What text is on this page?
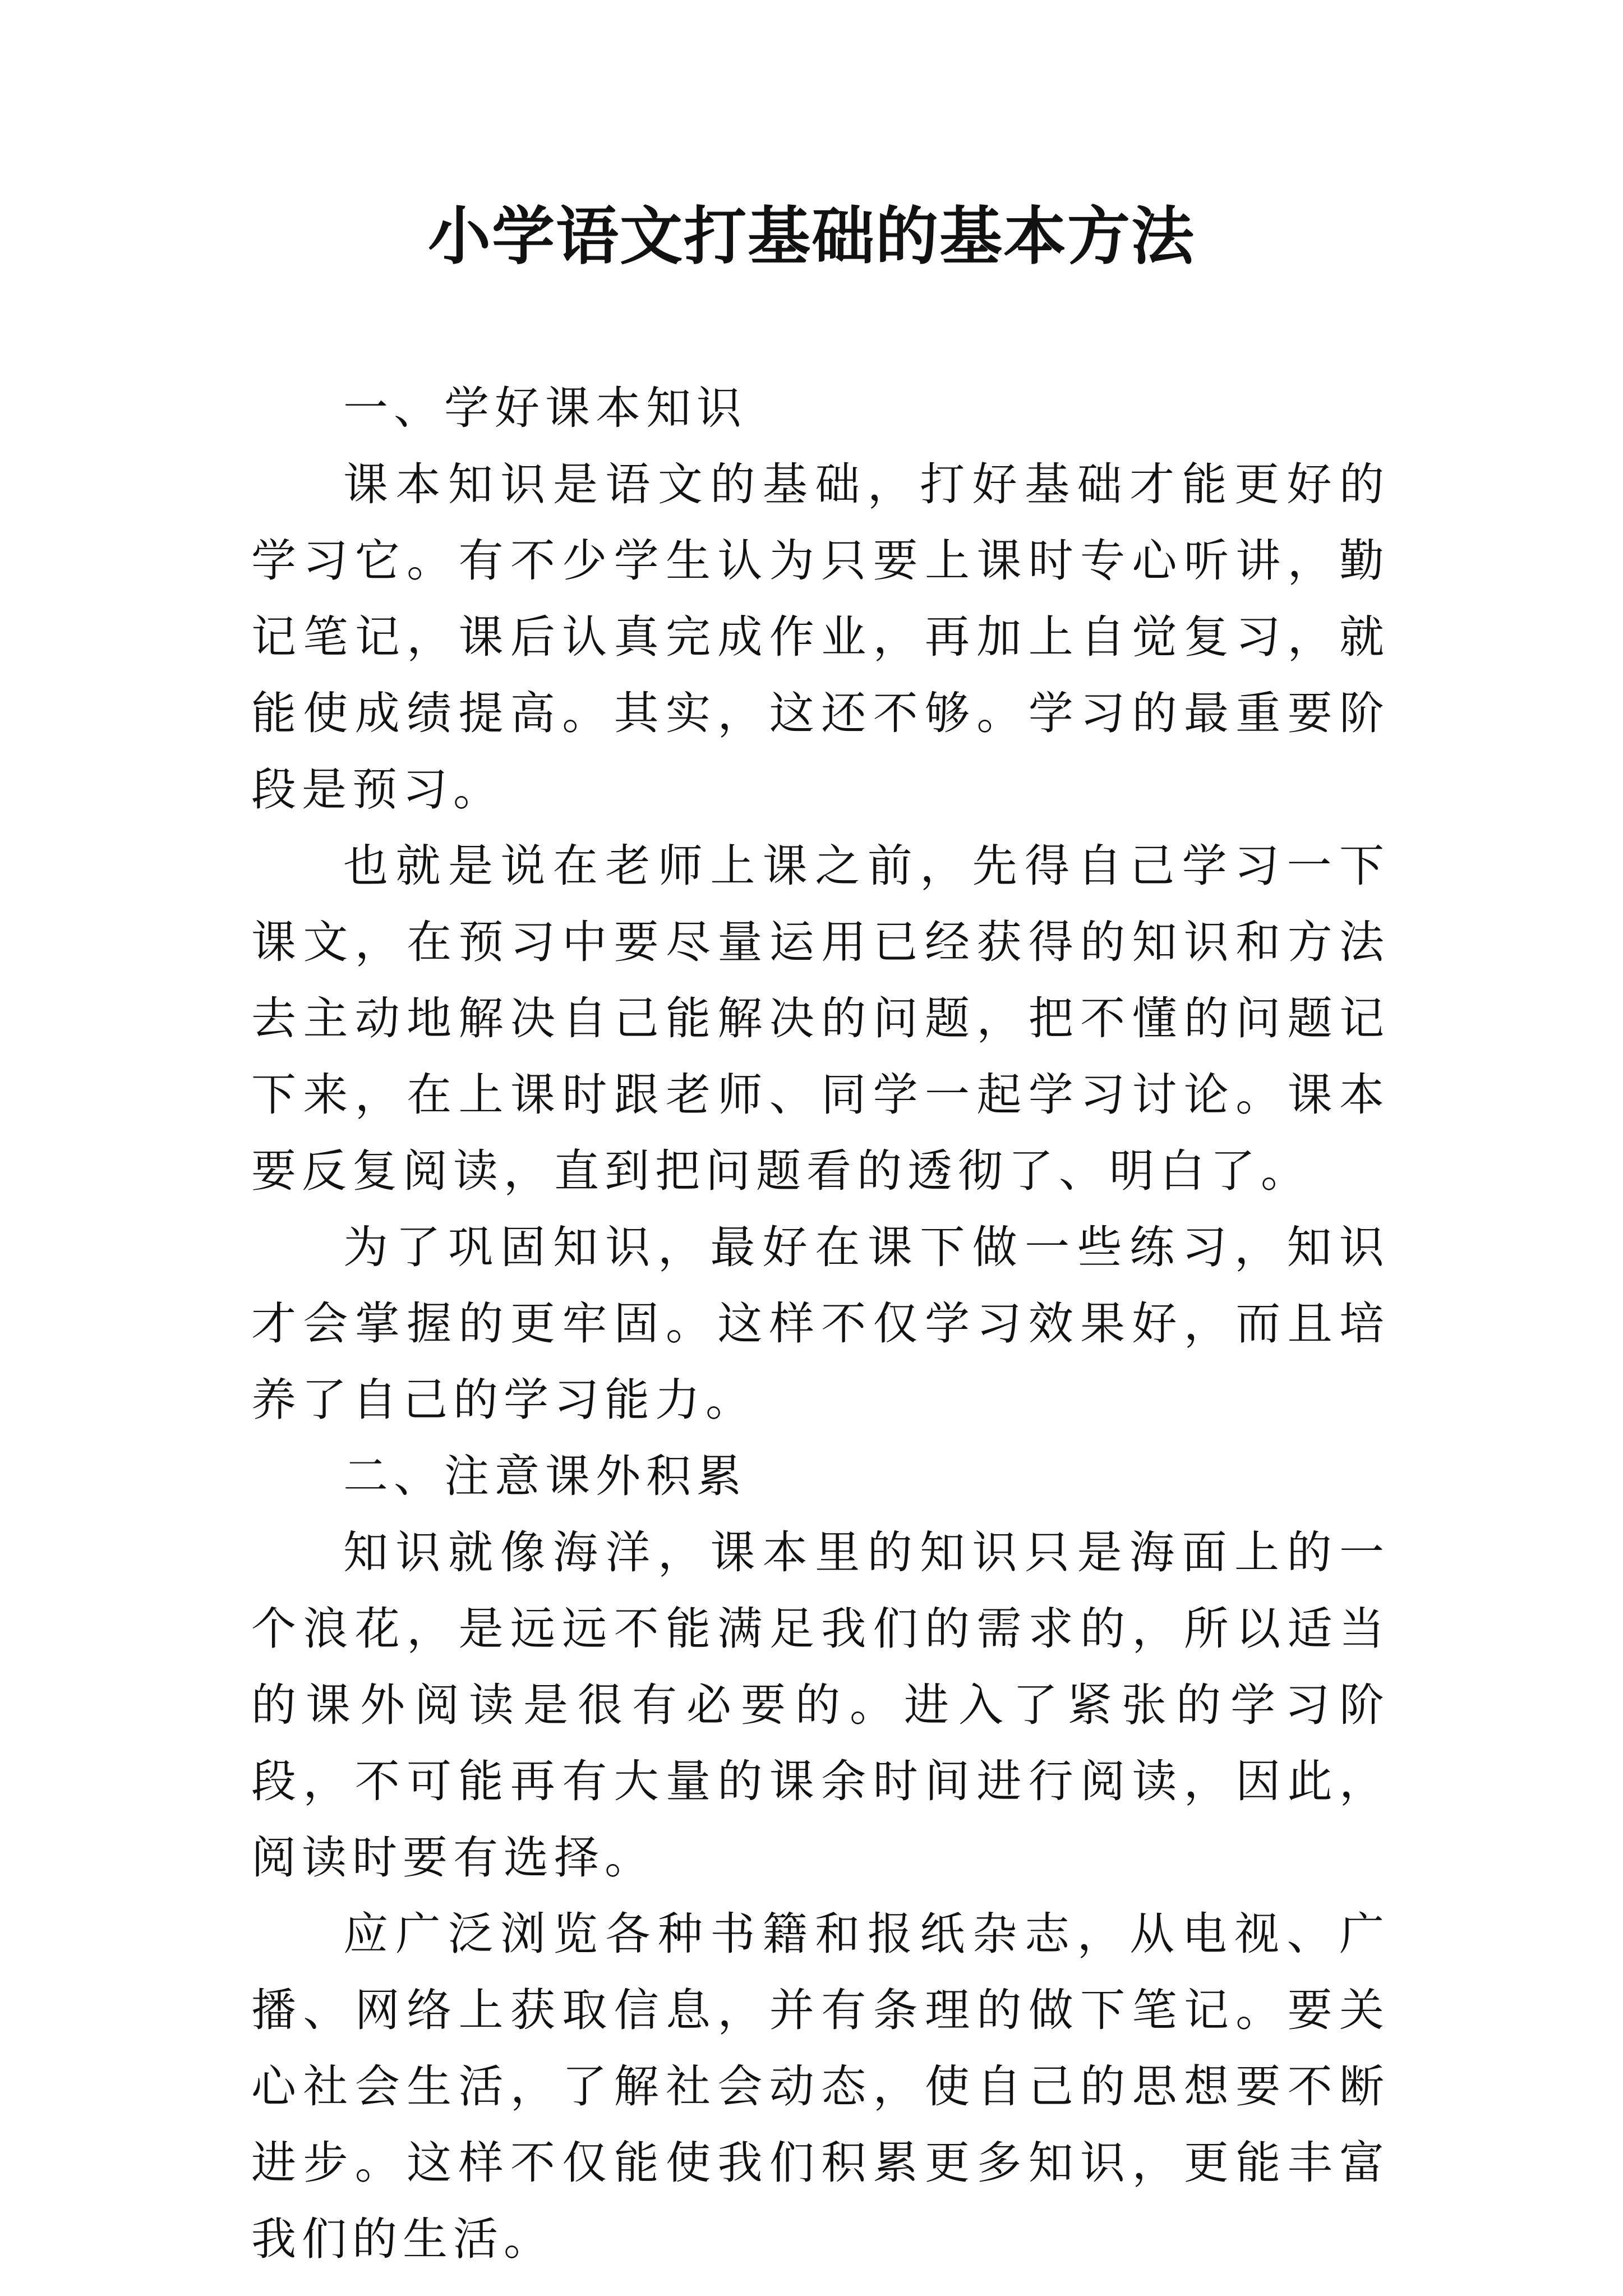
小学语文打基础的基本方法

一、学好课本知识

课本知识是语文的基础，打好基础才能更好的学习它。有不少学生认为只要上课时专心听讲，勤记笔记，课后认真完成作业，再加上自觉复习，就能使成绩提高。其实，这还不够。学习的最重要阶段是预习。

也就是说在老师上课之前，先得自己学习一下课文，在预习中要尽量运用已经获得的知识和方法去主动地解决自己能解决的问题，把不懂的问题记下来，在上课时跟老师、同学一起学习讨论。课本要反复阅读，直到把问题看的透彻了、明白了。

为了巩固知识，最好在课下做一些练习，知识才会掌握的更牢固。这样不仅学习效果好，而且培养了自己的学习能力。

二、注意课外积累

知识就像海洋，课本里的知识只是海面上的一个浪花，是远远不能满足我们的需求的，所以适当的课外阅读是很有必要的。进入了紧张的学习阶段，不可能再有大量的课余时间进行阅读，因此，阅读时要有选择。

应广泛浏览各种书籍和报纸杂志，从电视、广播、网络上获取信息，并有条理的做下笔记。要关心社会生活，了解社会动态，使自己的思想要不断进步。这样不仅能使我们积累更多知识，更能丰富我们的生活。
